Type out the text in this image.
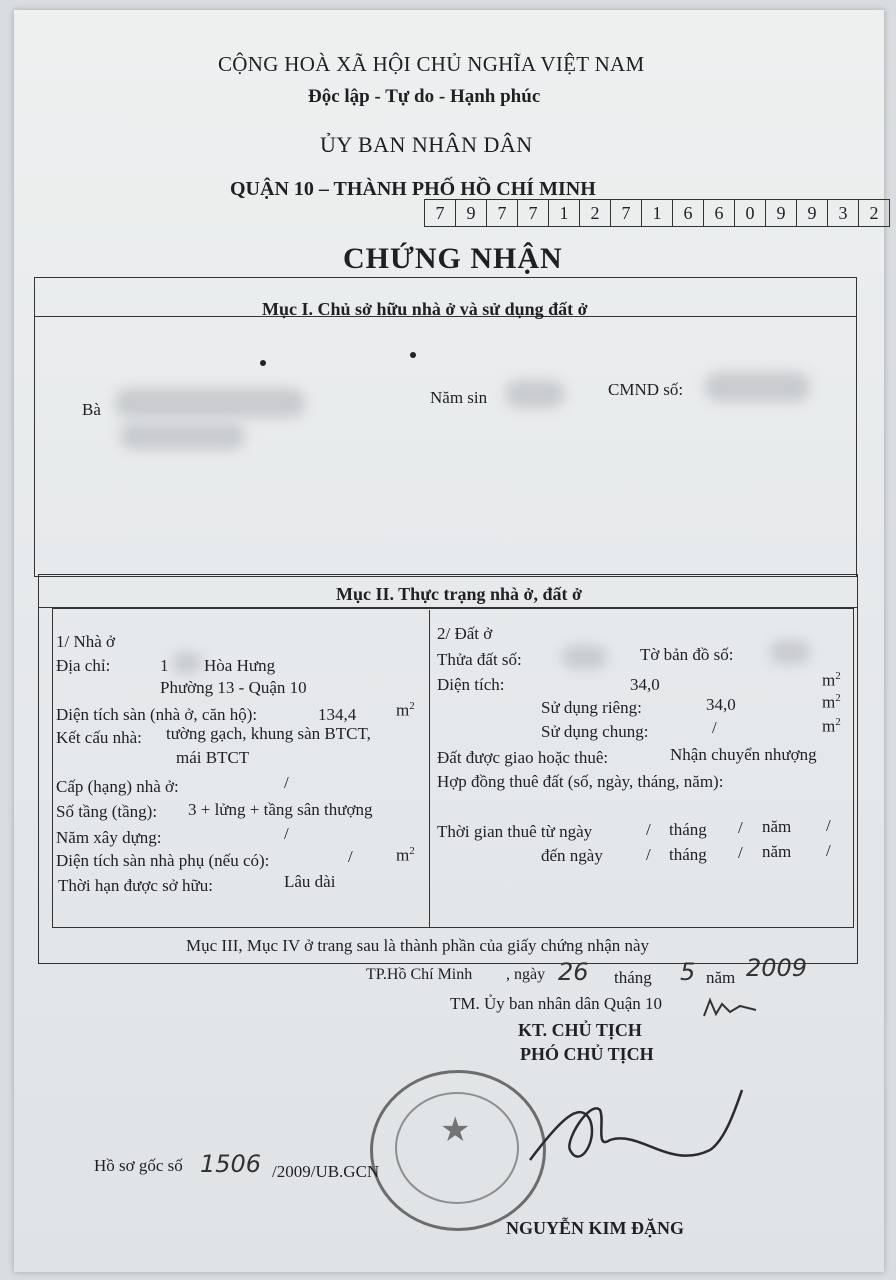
CỘNG HOÀ XÃ HỘI CHỦ NGHĨA VIỆT NAM
Độc lập - Tự do - Hạnh phúc
ỦY BAN NHÂN DÂN
QUẬN 10 – THÀNH PHỐ HỒ CHÍ MINH
7	9	7	7	1	2	7	1	6	6	0	9	9	3	2
CHỨNG NHẬN
Mục I. Chủ sở hữu nhà ở và sử dụng đất ở
Bà
Năm sin	CMND số:
Mục II. Thực trạng nhà ở, đất ở
1/ Nhà ở
Địa chỉ:	1 Hòa Hưng
Phường 13 - Quận 10
Diện tích sàn (nhà ở, căn hộ):	134,4 $m^2$
Kết cấu nhà: tường gạch, khung sàn BTCT,
mái BTCT
Cấp (hạng) nhà ở:	/
Số tầng (tầng): 3 + lửng + tầng sân thượng
Năm xây dựng:	/
Diện tích sàn nhà phụ (nếu có):	/	$m^2$
Thời hạn được sở hữu:	Lâu dài
2/ Đất ở
Thửa đất số:	Tờ bản đồ số:
Diện tích:	34,0	$m^2$
Sử dụng riêng:	34,0	$m^2$
Sử dụng chung:	/	$m^2$
Đất được giao hoặc thuê:	Nhận chuyển nhượng
Hợp đồng thuê đất (số, ngày, tháng, năm):
Thời gian thuê từ ngày	/ tháng / năm /
đến ngày	/ tháng / năm /
Mục III, Mục IV ở trang sau là thành phần của giấy chứng nhận này
TP.Hồ Chí Minh , ngày 26 tháng 5 năm 2009
TM. Ủy ban nhân dân Quận 10
KT. CHỦ TỊCH
PHÓ CHỦ TỊCH
★
Hồ sơ gốc số 1506 /2009/UB.GCN
NGUYỄN KIM ĐẶNG
